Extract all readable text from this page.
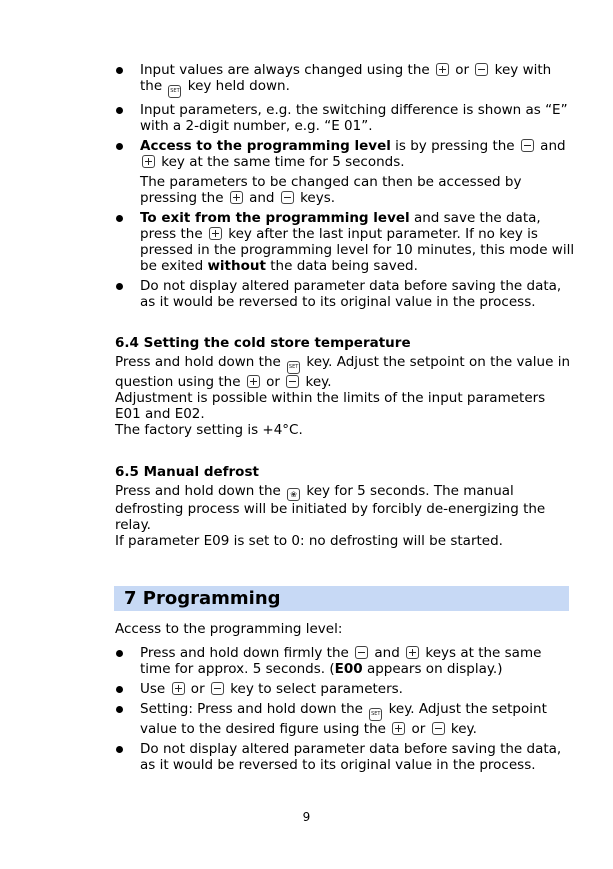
Input values are always changed using the  or  key with the SET key held down.
Input parameters, e.g. the switching difference is shown as “E” with a 2-digit number, e.g. “E 01”.
Access to the programming level is by pressing the  and  key at the same time for 5 seconds.
The parameters to be changed can then be accessed by pressing the  and  keys.
To exit from the programming level and save the data, press the  key after the last input parameter. If no key is pressed in the programming level for 10 minutes, this mode will be exited without the data being saved.
Do not display altered parameter data before saving the data, as it would be reversed to its original value in the process.
6.4 Setting the cold store temperature

Press and hold down the SET key. Adjust the setpoint on the value in question using the  or  key.

Adjustment is possible within the limits of the input parameters E01 and E02.

The factory setting is +4°C.

6.5 Manual defrost

Press and hold down the ❀ key for 5 seconds. The manual defrosting process will be initiated by forcibly de-energizing the relay.

If parameter E09 is set to 0: no defrosting will be started.

7 Programming

Access to the programming level:

Press and hold down firmly the  and  keys at the same time for approx. 5 seconds. (E00 appears on display.)
Use  or  key to select parameters.
Setting: Press and hold down the SET key. Adjust the setpoint value to the desired figure using the  or  key.
Do not display altered parameter data before saving the data, as it would be reversed to its original value in the process.
9
